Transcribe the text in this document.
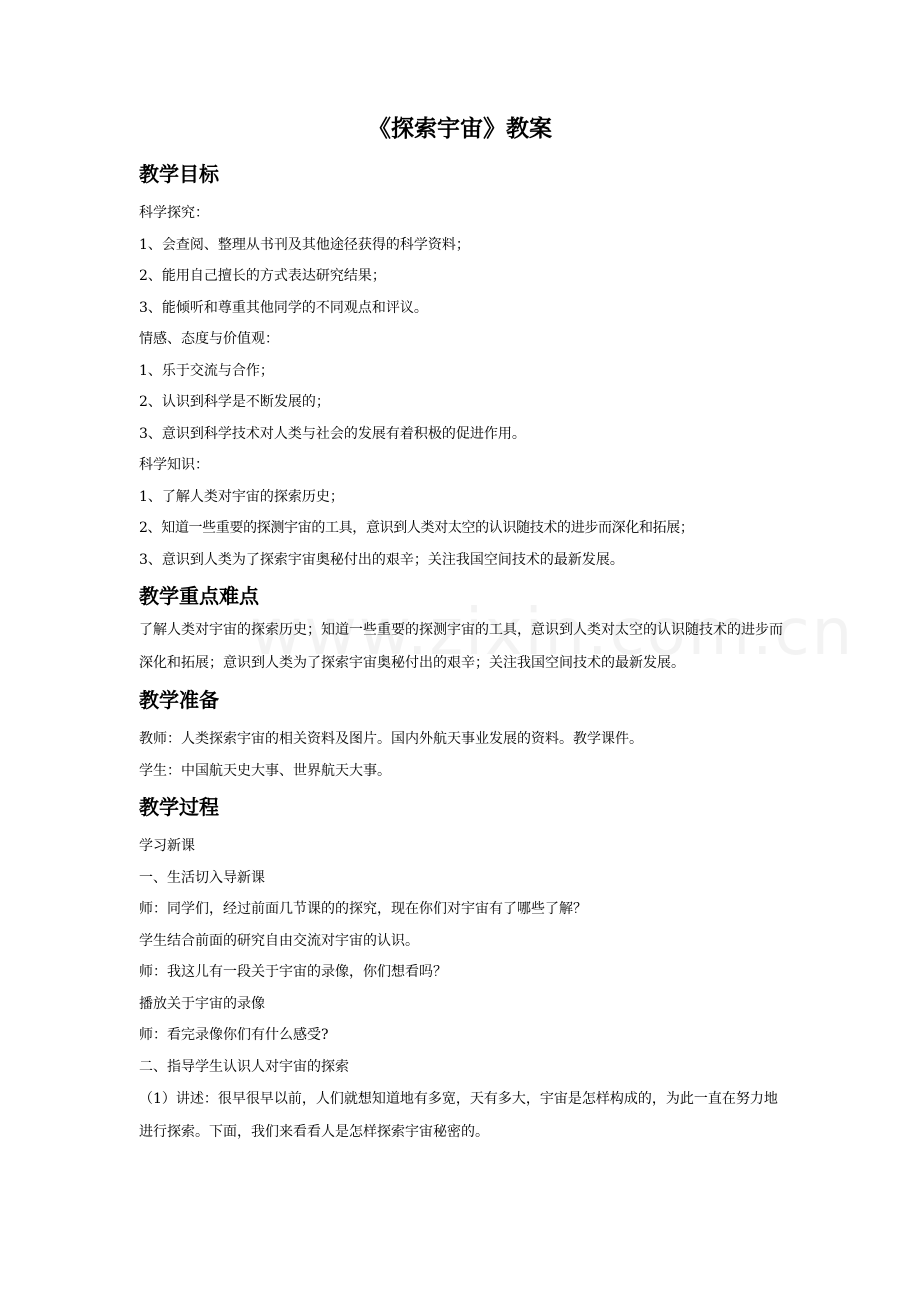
《探索宇宙》教案
教学目标

科学探究：

1、会查阅、整理从书刊及其他途径获得的科学资料；

2、能用自己擅长的方式表达研究结果；

3、能倾听和尊重其他同学的不同观点和评议。

情感、态度与价值观：

1、乐于交流与合作；

2、认识到科学是不断发展的；

3、意识到科学技术对人类与社会的发展有着积极的促进作用。

科学知识：

1、了解人类对宇宙的探索历史；

2、知道一些重要的探测宇宙的工具，意识到人类对太空的认识随技术的进步而深化和拓展；

3、意识到人类为了探索宇宙奥秘付出的艰辛；关注我国空间技术的最新发展。

教学重点难点

了解人类对宇宙的探索历史；知道一些重要的探测宇宙的工具，意识到人类对太空的认识随技术的进步而深化和拓展；意识到人类为了探索宇宙奥秘付出的艰辛；关注我国空间技术的最新发展。

教学准备

教师：人类探索宇宙的相关资料及图片。国内外航天事业发展的资料。教学课件。

学生：中国航天史大事、世界航天大事。

教学过程

学习新课

一、生活切入导新课

师：同学们，经过前面几节课的的探究，现在你们对宇宙有了哪些了解？

学生结合前面的研究自由交流对宇宙的认识。

师：我这儿有一段关于宇宙的录像，你们想看吗？

播放关于宇宙的录像

师：看完录像你们有什么感受?

二、指导学生认识人对宇宙的探索

（1）讲述：很早很早以前，人们就想知道地有多宽，天有多大，宇宙是怎样构成的，为此一直在努力地进行探索。下面，我们来看看人是怎样探索宇宙秘密的。
